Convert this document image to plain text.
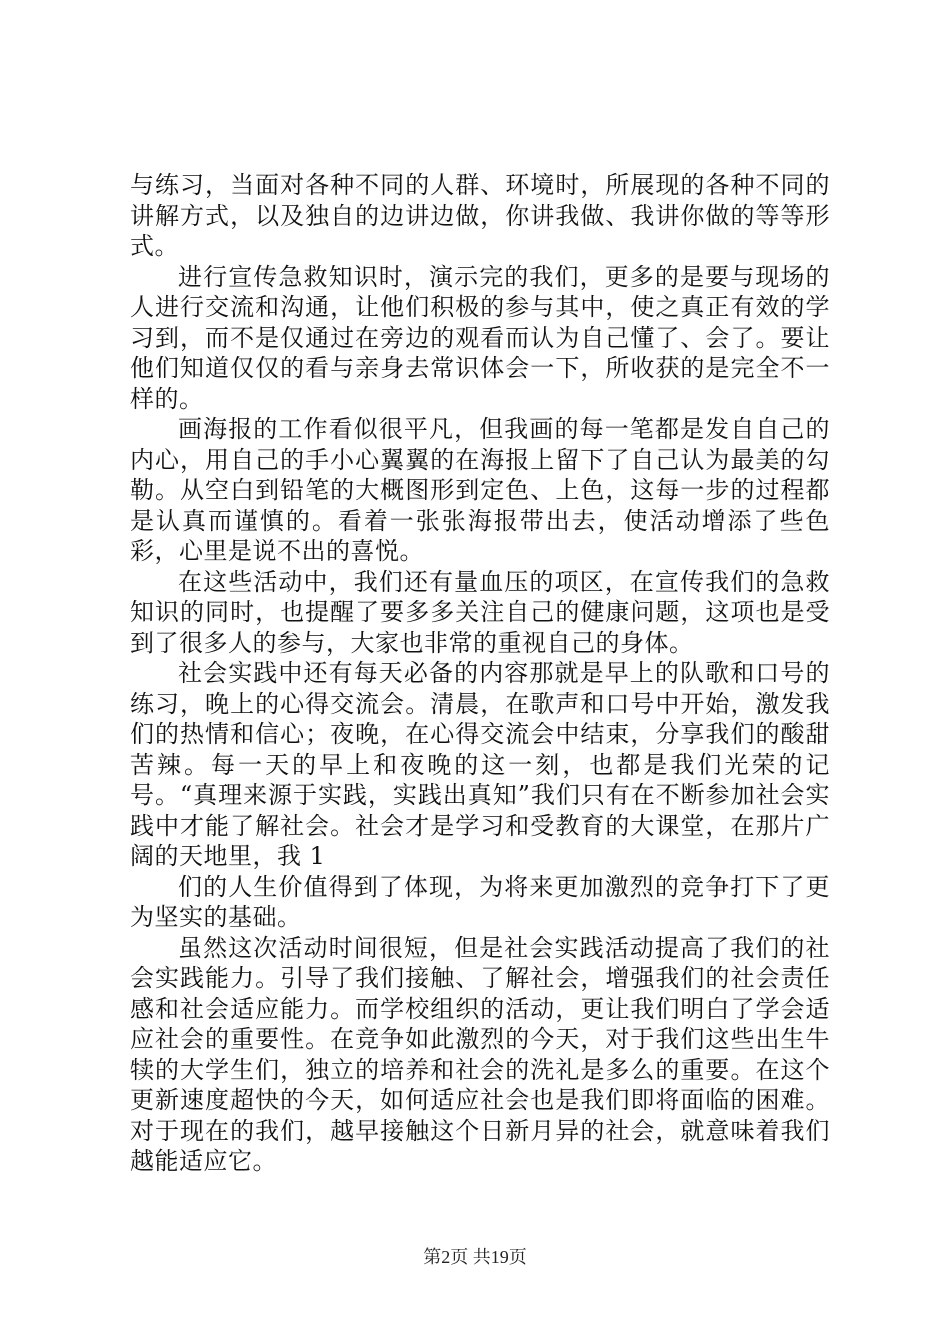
与练习，当面对各种不同的人群、环境时，所展现的各种不同的讲解方式，以及独自的边讲边做，你讲我做、我讲你做的等等形式。

进行宣传急救知识时，演示完的我们，更多的是要与现场的人进行交流和沟通，让他们积极的参与其中，使之真正有效的学习到，而不是仅通过在旁边的观看而认为自己懂了、会了。要让他们知道仅仅的看与亲身去常识体会一下，所收获的是完全不一样的。

画海报的工作看似很平凡，但我画的每一笔都是发自自己的内心，用自己的手小心翼翼的在海报上留下了自己认为最美的勾勒。从空白到铅笔的大概图形到定色、上色，这每一步的过程都是认真而谨慎的。看着一张张海报带出去，使活动增添了些色彩，心里是说不出的喜悦。

在这些活动中，我们还有量血压的项区，在宣传我们的急救知识的同时，也提醒了要多多关注自己的健康问题，这项也是受到了很多人的参与，大家也非常的重视自己的身体。

社会实践中还有每天必备的内容那就是早上的队歌和口号的练习，晚上的心得交流会。清晨，在歌声和口号中开始，激发我们的热情和信心；夜晚，在心得交流会中结束，分享我们的酸甜苦辣。每一天的早上和夜晚的这一刻，也都是我们光荣的记号。“真理来源于实践，实践出真知”我们只有在不断参加社会实践中才能了解社会。社会才是学习和受教育的大课堂，在那片广阔的天地里，我 1

们的人生价值得到了体现，为将来更加激烈的竞争打下了更为坚实的基础。

虽然这次活动时间很短，但是社会实践活动提高了我们的社会实践能力。引导了我们接触、了解社会，增强我们的社会责任感和社会适应能力。而学校组织的活动，更让我们明白了学会适应社会的重要性。在竞争如此激烈的今天，对于我们这些出生牛犊的大学生们，独立的培养和社会的洗礼是多么的重要。在这个更新速度超快的今天，如何适应社会也是我们即将面临的困难。对于现在的我们，越早接触这个日新月异的社会，就意味着我们越能适应它。

第2页 共19页
